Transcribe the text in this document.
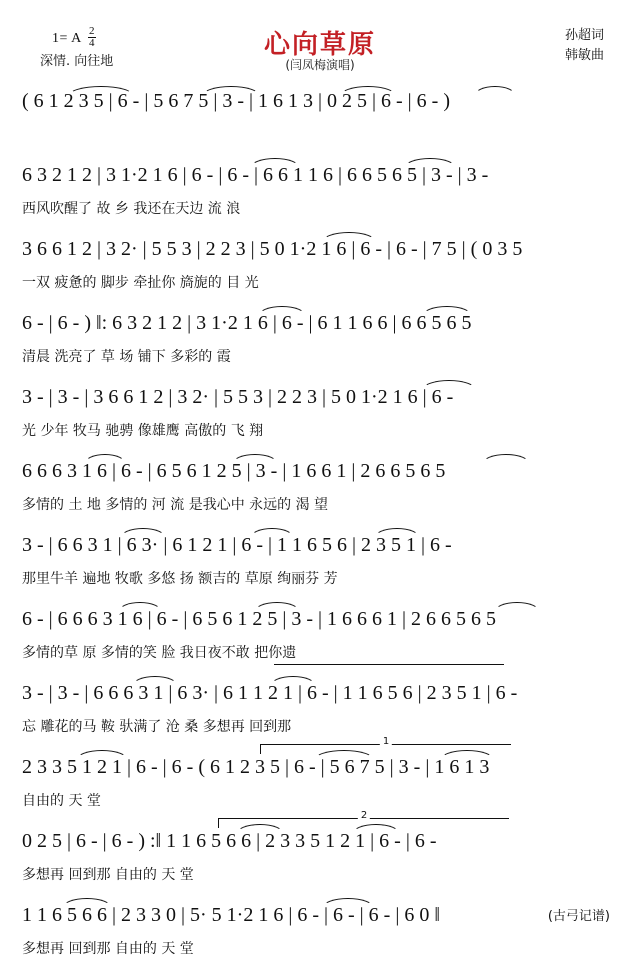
1= A $\frac{2}{4}$
深情. 向往地
心向草原
(闫凤梅演唱)
孙超词
韩敏曲
( 6 1 2 3 5 | 6 - | 5 6 7 5 | 3 - | 1 6 1 3 | 0 2 5 | 6 - | 6 - )
6 3 2 1 2 | 3 1·2 1 6 | 6 - | 6 - | 6 6 1 1 6 | 6 6 5 6 5 | 3 - | 3 -
西风吹醒了 故 乡 我还在天边 流 浪
3 6 6 1 2 | 3 2· | 5 5 3 | 2 2 3 | 5 0 1·2 1 6 | 6 - | 6 - | 7 5 | ( 0 3 5
一双 疲惫的 脚步 牵扯你 旖旎的 目 光
6 - | 6 - ) ‖: 6 3 2 1 2 | 3 1·2 1 6 | 6 - | 6 1 1 6 6 | 6 6 5 6 5
清晨 洗亮了 草 场 铺下 多彩的 霞
3 - | 3 - | 3 6 6 1 2 | 3 2· | 5 5 3 | 2 2 3 | 5 0 1·2 1 6 | 6 -
光 少年 牧马 驰骋 像雄鹰 高傲的 飞 翔
6 6 6 3 1 6 | 6 - | 6 5 6 1 2 5 | 3 - | 1 6 6 1 | 2 6 6 5 6 5
多情的 土 地 多情的 河 流 是我心中 永远的 渴 望
3 - | 6 6 3 1 | 6 3· | 6 1 2 1 | 6 - | 1 1 6 5 6 | 2 3 5 1 | 6 -
那里牛羊 遍地 牧歌 多悠 扬 额吉的 草原 绚丽芬 芳
6 - | 6 6 6 3 1 6 | 6 - | 6 5 6 1 2 5 | 3 - | 1 6 6 6 1 | 2 6 6 5 6 5
多情的草 原 多情的笑 脸 我日夜不敢 把你遗
3 - | 3 - | 6 6 6 3 1 | 6 3· | 6 1 1 2 1 | 6 - | 1 1 6 5 6 | 2 3 5 1 | 6 -
忘 雕花的马 鞍 驮满了 沧 桑 多想再 回到那
1
2 3 3 5 1 2 1 | 6 - | 6 - ( 6 1 2 3 5 | 6 - | 5 6 7 5 | 3 - | 1 6 1 3
自由的 天 堂
2
0 2 5 | 6 - | 6 - ) :‖ 1 1 6 5 6 6 | 2 3 3 5 1 2 1 | 6 - | 6 -
多想再 回到那 自由的 天 堂
1 1 6 5 6 6 | 2 3 3 0 | 5· 5 1·2 1 6 | 6 - | 6 - | 6 - | 6 0 ‖
多想再 回到那 自由的 天 堂
(古弓记谱)
